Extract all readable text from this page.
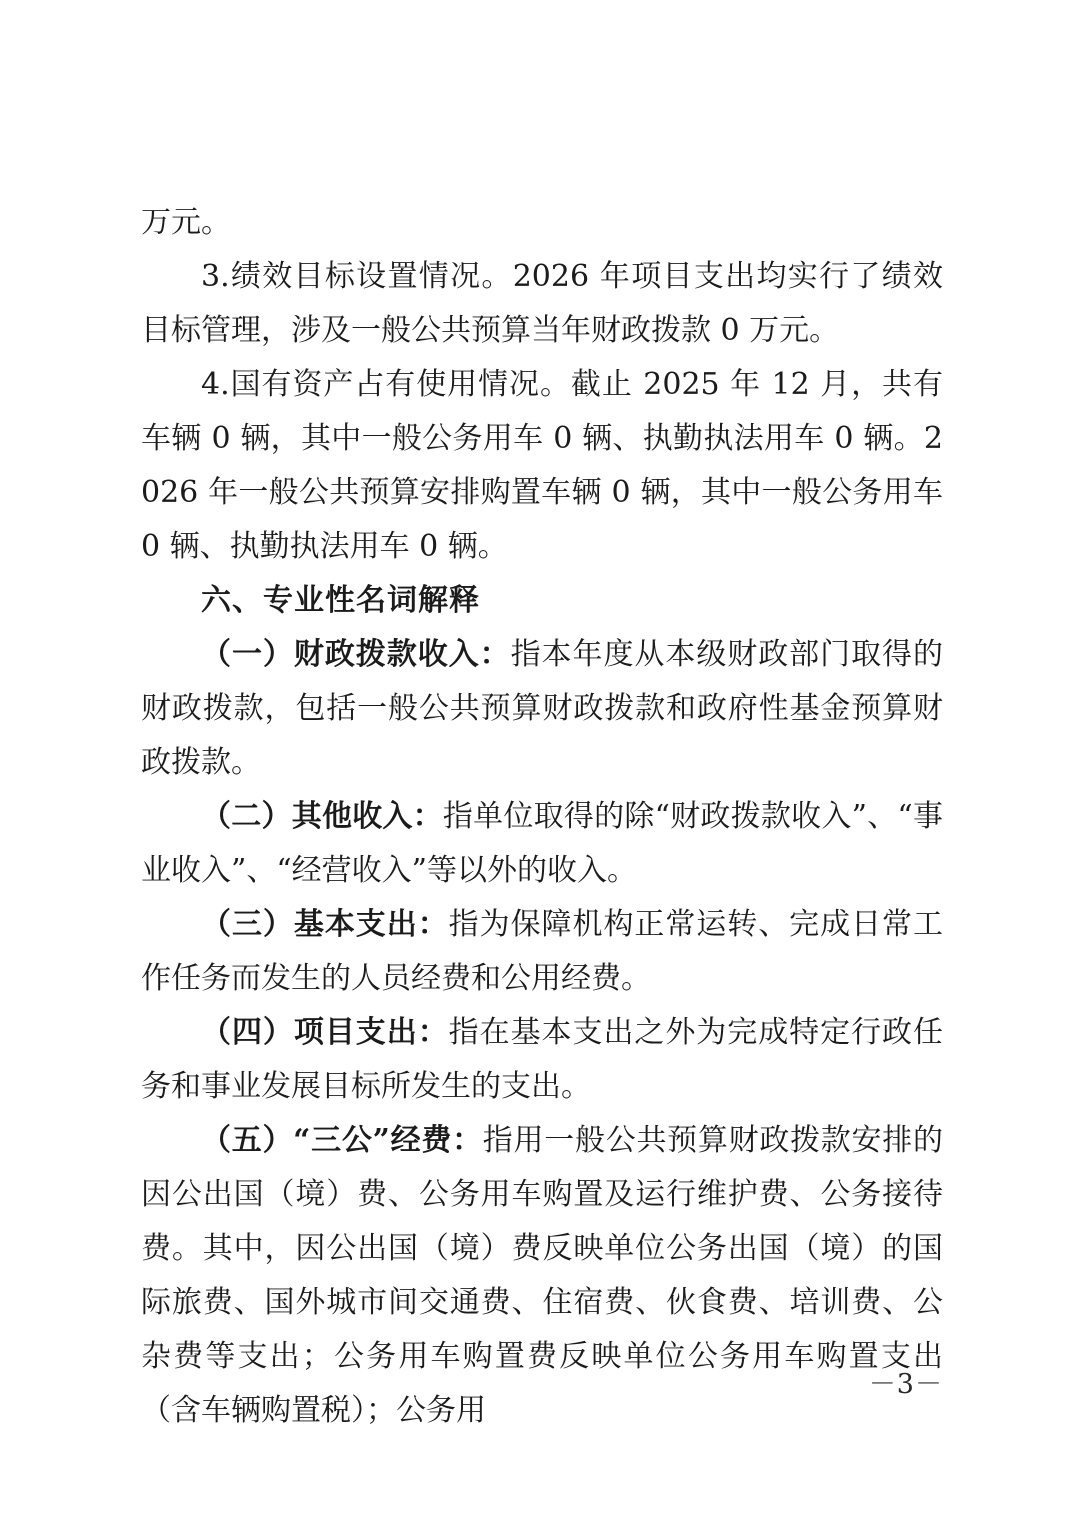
万元。

3.绩效目标设置情况。2026 年项目支出均实行了绩效目标管理，涉及一般公共预算当年财政拨款 0 万元。

4.国有资产占有使用情况。截止 2025 年 12 月，共有车辆 0 辆，其中一般公务用车 0 辆、执勤执法用车 0 辆。2026 年一般公共预算安排购置车辆 0 辆，其中一般公务用车 0 辆、执勤执法用车 0 辆。

六、专业性名词解释

（一）财政拨款收入：指本年度从本级财政部门取得的财政拨款，包括一般公共预算财政拨款和政府性基金预算财政拨款。

（二）其他收入：指单位取得的除“财政拨款收入”、“事业收入”、“经营收入”等以外的收入。

（三）基本支出：指为保障机构正常运转、完成日常工作任务而发生的人员经费和公用经费。

（四）项目支出：指在基本支出之外为完成特定行政任务和事业发展目标所发生的支出。

（五）“三公”经费：指用一般公共预算财政拨款安排的因公出国（境）费、公务用车购置及运行维护费、公务接待费。其中，因公出国（境）费反映单位公务出国（境）的国际旅费、国外城市间交通费、住宿费、伙食费、培训费、公杂费等支出；公务用车购置费反映单位公务用车购置支出（含车辆购置税）；公务用

－3－
